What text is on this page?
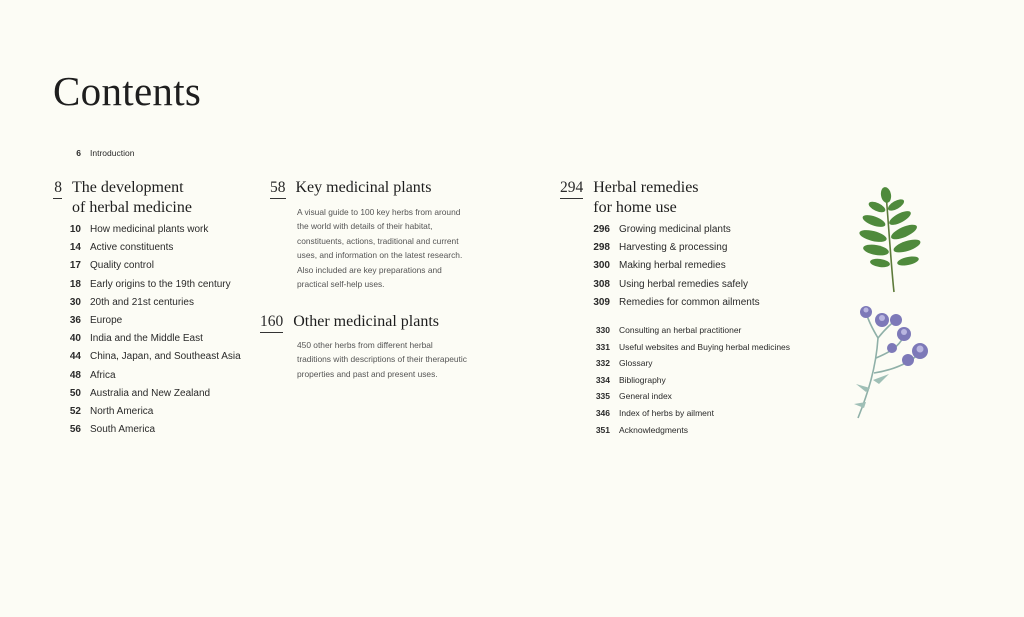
Contents
6 Introduction
8 The development
of herbal medicine
10 How medicinal plants work
14 Active constituents
17 Quality control
18 Early origins to the 19th century
30 20th and 21st centuries
36 Europe
40 India and the Middle East
44 China, Japan, and Southeast Asia
48 Africa
50 Australia and New Zealand
52 North America
56 South America
58 Key medicinal plants

A visual guide to 100 key herbs from around
the world with details of their habitat,
constituents, actions, traditional and current
uses, and information on the latest research.
Also included are key preparations and
practical self-help uses.

160 Other medicinal plants

450 other herbs from different herbal
traditions with descriptions of their therapeutic
properties and past and present uses.

294 Herbal remedies
for home use
296 Growing medicinal plants
298 Harvesting & processing
300 Making herbal remedies
308 Using herbal remedies safely
309 Remedies for common ailments
330 Consulting an herbal practitioner
331 Useful websites and Buying herbal medicines
332 Glossary
334 Bibliography
335 General index
346 Index of herbs by ailment
351 Acknowledgments
